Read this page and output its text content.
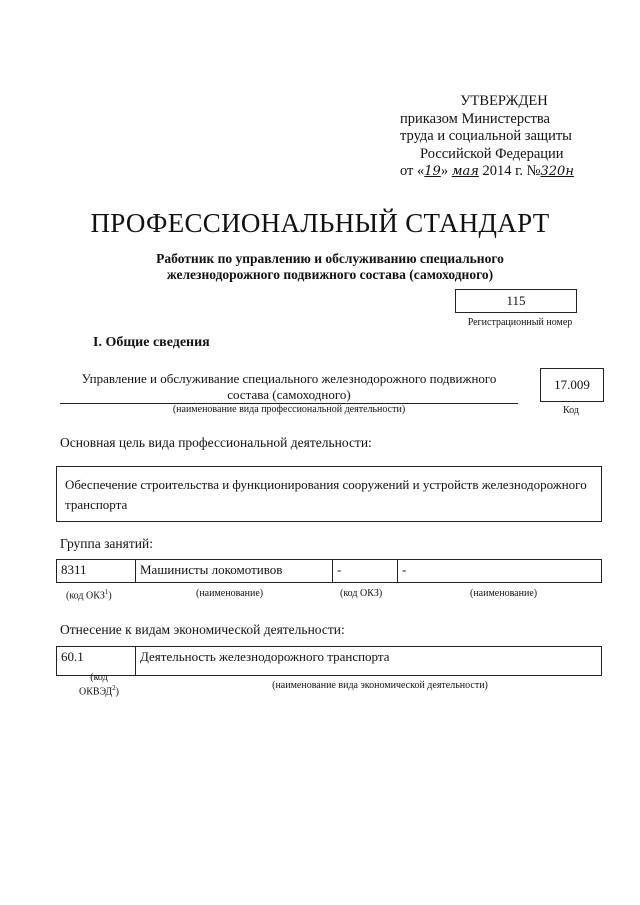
УТВЕРЖДЕН
приказом Министерства
труда и социальной защиты
Российской Федерации
от «19» мая 2014 г. №320н
ПРОФЕССИОНАЛЬНЫЙ СТАНДАРТ
Работник по управлению и обслуживанию специального
железнодорожного подвижного состава (самоходного)
115
Регистрационный номер
I. Общие сведения
Управление и обслуживание специального железнодорожного подвижного
состава (самоходного)
(наименование вида профессиональной деятельности)
17.009
Код
Основная цель вида профессиональной деятельности:
Обеспечение строительства и функционирования сооружений и устройств железнодорожного транспорта
Группа занятий:
8311	Машинисты локомотивов	-	-
(код ОКЗ$^1$)	(наименование)	(код ОКЗ)	(наименование)
Отнесение к видам экономической деятельности:
60.1	Деятельность железнодорожного транспорта
(код
ОКВЭД$^2$)
(наименование вида экономической деятельности)
